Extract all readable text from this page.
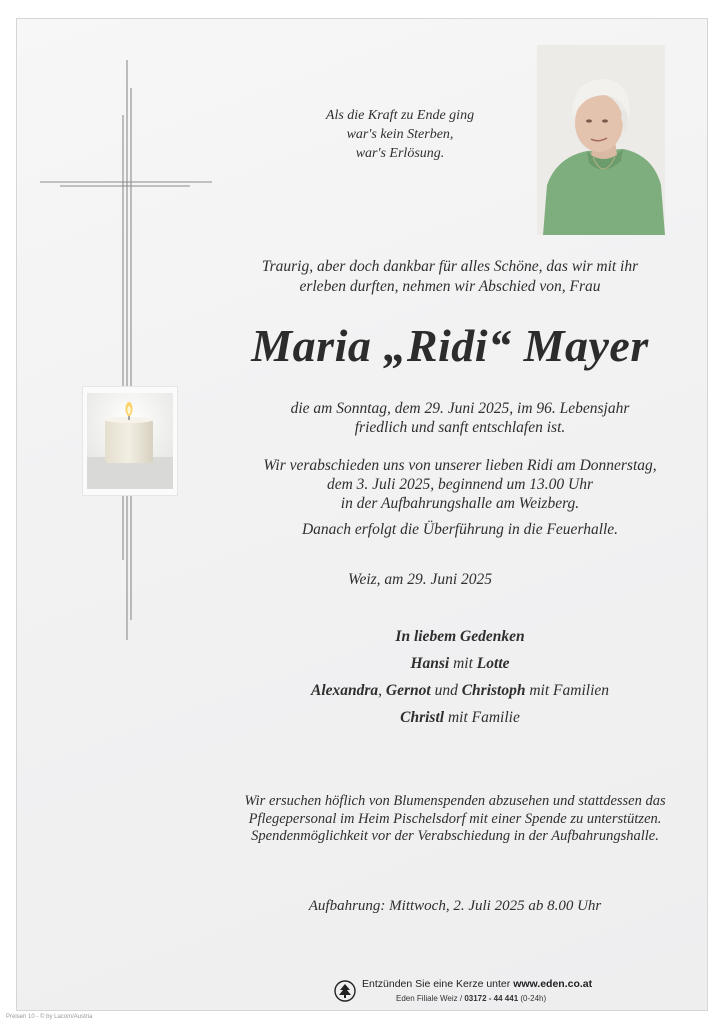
Als die Kraft zu Ende ging
war's kein Sterben,
war's Erlösung.
Traurig, aber doch dankbar für alles Schöne, das wir mit ihr
erleben durften, nehmen wir Abschied von, Frau
Maria „Ridi“ Mayer
die am Sonntag, dem 29. Juni 2025, im 96. Lebensjahr
friedlich und sanft entschlafen ist.
Wir verabschieden uns von unserer lieben Ridi am Donnerstag,
dem 3. Juli 2025, beginnend um 13.00 Uhr
in der Aufbahrungshalle am Weizberg.
Danach erfolgt die Überführung in die Feuerhalle.
Weiz, am 29. Juni 2025
In liebem Gedenken
Hansi mit Lotte
Alexandra, Gernot und Christoph mit Familien
Christl mit Familie
Wir ersuchen höflich von Blumenspenden abzusehen und stattdessen das
Pflegepersonal im Heim Pischelsdorf mit einer Spende zu unterstützen.
Spendenmöglichkeit vor der Verabschiedung in der Aufbahrungshalle.
Aufbahrung: Mittwoch, 2. Juli 2025 ab 8.00 Uhr
Entzünden Sie eine Kerze unter www.eden.co.at
Eden Filiale Weiz / 03172 - 44 441 (0-24h)
Preisen 10 - © by Lacom/Austria
